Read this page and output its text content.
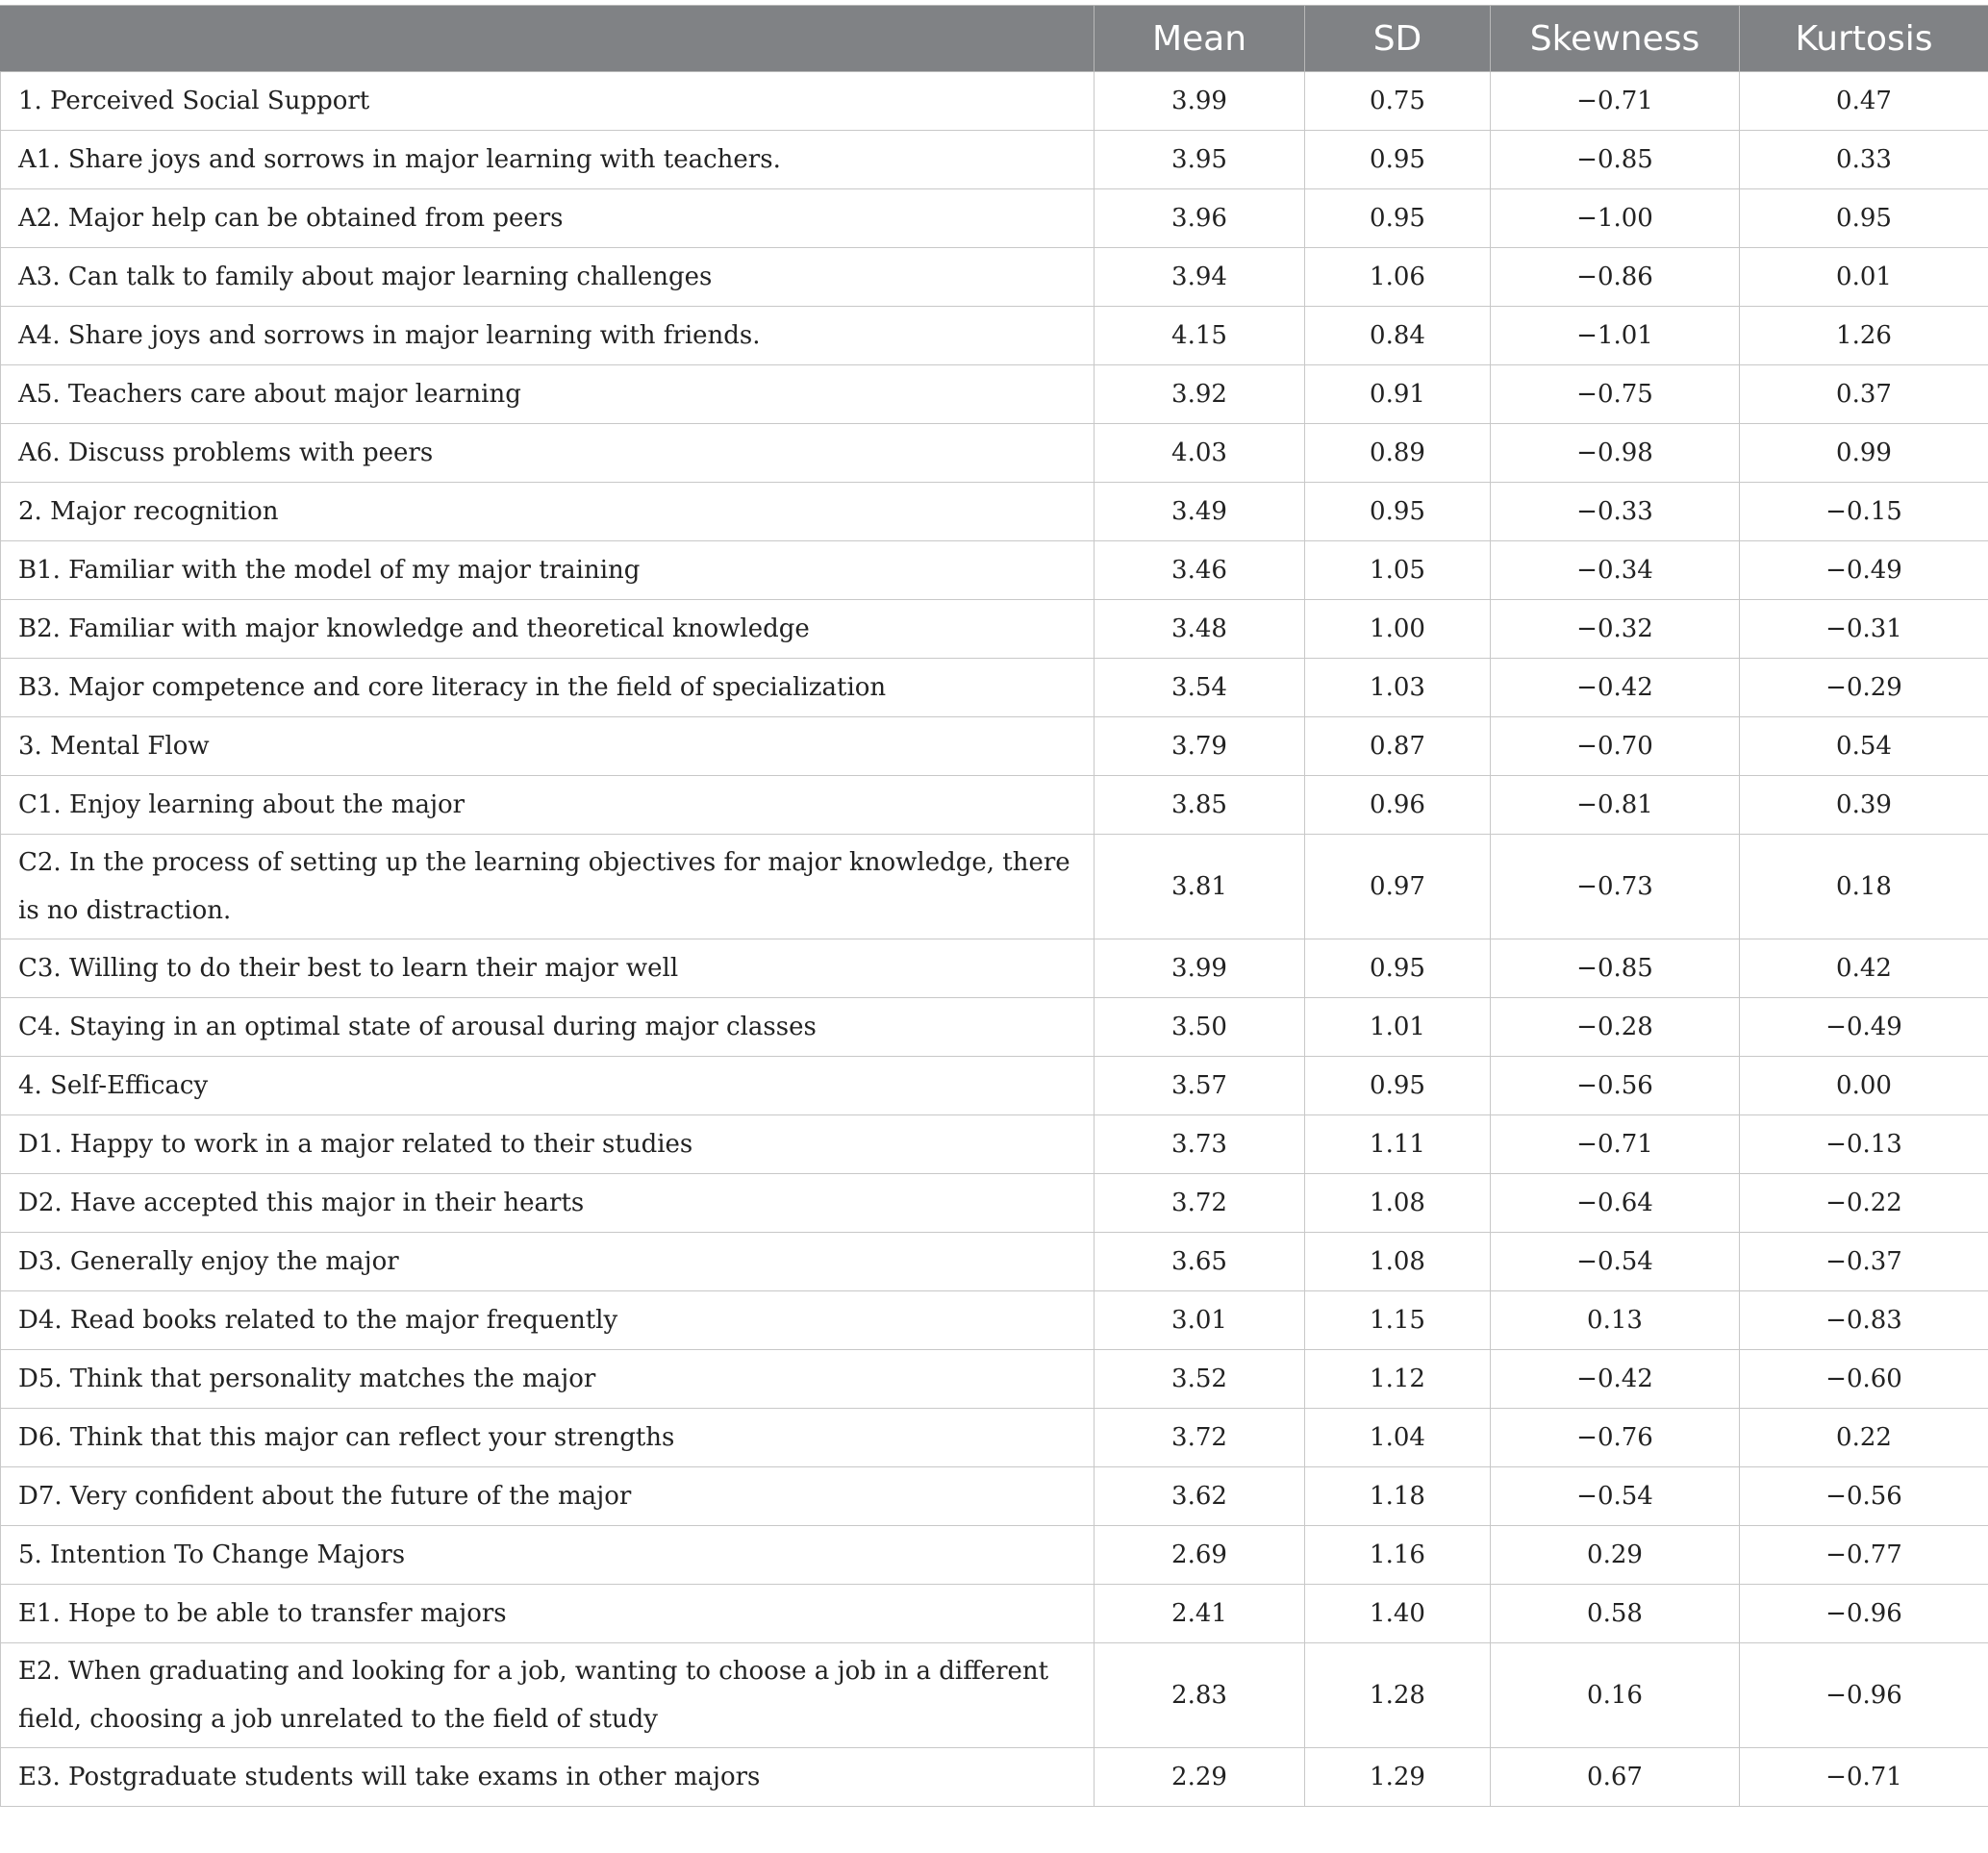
	Mean	SD	Skewness	Kurtosis
1. Perceived Social Support	3.99	0.75	−0.71	0.47
A1. Share joys and sorrows in major learning with teachers.	3.95	0.95	−0.85	0.33
A2. Major help can be obtained from peers	3.96	0.95	−1.00	0.95
A3. Can talk to family about major learning challenges	3.94	1.06	−0.86	0.01
A4. Share joys and sorrows in major learning with friends.	4.15	0.84	−1.01	1.26
A5. Teachers care about major learning	3.92	0.91	−0.75	0.37
A6. Discuss problems with peers	4.03	0.89	−0.98	0.99
2. Major recognition	3.49	0.95	−0.33	−0.15
B1. Familiar with the model of my major training	3.46	1.05	−0.34	−0.49
B2. Familiar with major knowledge and theoretical knowledge	3.48	1.00	−0.32	−0.31
B3. Major competence and core literacy in the field of specialization	3.54	1.03	−0.42	−0.29
3. Mental Flow	3.79	0.87	−0.70	0.54
C1. Enjoy learning about the major	3.85	0.96	−0.81	0.39
C2. In the process of setting up the learning objectives for major knowledge, there is no distraction.	3.81	0.97	−0.73	0.18
C3. Willing to do their best to learn their major well	3.99	0.95	−0.85	0.42
C4. Staying in an optimal state of arousal during major classes	3.50	1.01	−0.28	−0.49
4. Self-Efficacy	3.57	0.95	−0.56	0.00
D1. Happy to work in a major related to their studies	3.73	1.11	−0.71	−0.13
D2. Have accepted this major in their hearts	3.72	1.08	−0.64	−0.22
D3. Generally enjoy the major	3.65	1.08	−0.54	−0.37
D4. Read books related to the major frequently	3.01	1.15	0.13	−0.83
D5. Think that personality matches the major	3.52	1.12	−0.42	−0.60
D6. Think that this major can reflect your strengths	3.72	1.04	−0.76	0.22
D7. Very confident about the future of the major	3.62	1.18	−0.54	−0.56
5. Intention To Change Majors	2.69	1.16	0.29	−0.77
E1. Hope to be able to transfer majors	2.41	1.40	0.58	−0.96
E2. When graduating and looking for a job, wanting to choose a job in a different field, choosing a job unrelated to the field of study	2.83	1.28	0.16	−0.96
E3. Postgraduate students will take exams in other majors	2.29	1.29	0.67	−0.71
